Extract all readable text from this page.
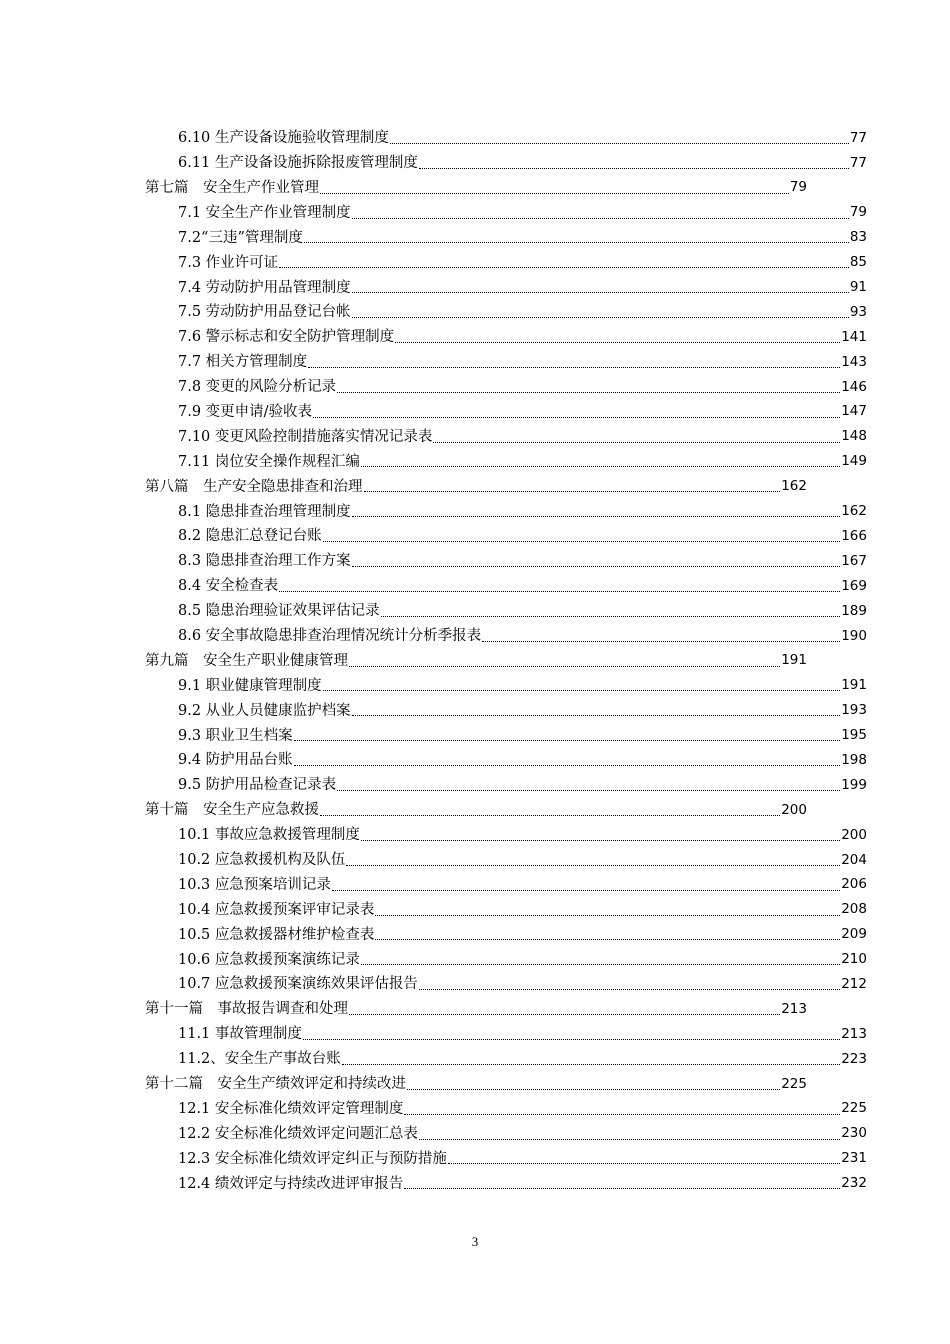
6.10 生产设备设施验收管理制度	77
6.11 生产设备设施拆除报废管理制度	77
第七篇　安全生产作业管理	79
7.1 安全生产作业管理制度	79
7.2“三违”管理制度	83
7.3 作业许可证	85
7.4 劳动防护用品管理制度	91
7.5 劳动防护用品登记台帐	93
7.6 警示标志和安全防护管理制度	141
7.7 相关方管理制度	143
7.8 变更的风险分析记录	146
7.9 变更申请/验收表	147
7.10 变更风险控制措施落实情况记录表	148
7.11 岗位安全操作规程汇编	149
第八篇　生产安全隐患排查和治理	162
8.1 隐患排查治理管理制度	162
8.2 隐患汇总登记台账	166
8.3 隐患排查治理工作方案	167
8.4 安全检查表	169
8.5 隐患治理验证效果评估记录	189
8.6 安全事故隐患排查治理情况统计分析季报表	190
第九篇　安全生产职业健康管理	191
9.1 职业健康管理制度	191
9.2 从业人员健康监护档案	193
9.3 职业卫生档案	195
9.4 防护用品台账	198
9.5 防护用品检查记录表	199
第十篇　安全生产应急救援	200
10.1 事故应急救援管理制度	200
10.2 应急救援机构及队伍	204
10.3 应急预案培训记录	206
10.4 应急救援预案评审记录表	208
10.5 应急救援器材维护检查表	209
10.6 应急救援预案演练记录	210
10.7 应急救援预案演练效果评估报告	212
第十一篇　事故报告调查和处理	213
11.1 事故管理制度	213
11.2、安全生产事故台账	223
第十二篇　安全生产绩效评定和持续改进	225
12.1 安全标准化绩效评定管理制度	225
12.2 安全标准化绩效评定问题汇总表	230
12.3 安全标准化绩效评定纠正与预防措施	231
12.4 绩效评定与持续改进评审报告	232
3
